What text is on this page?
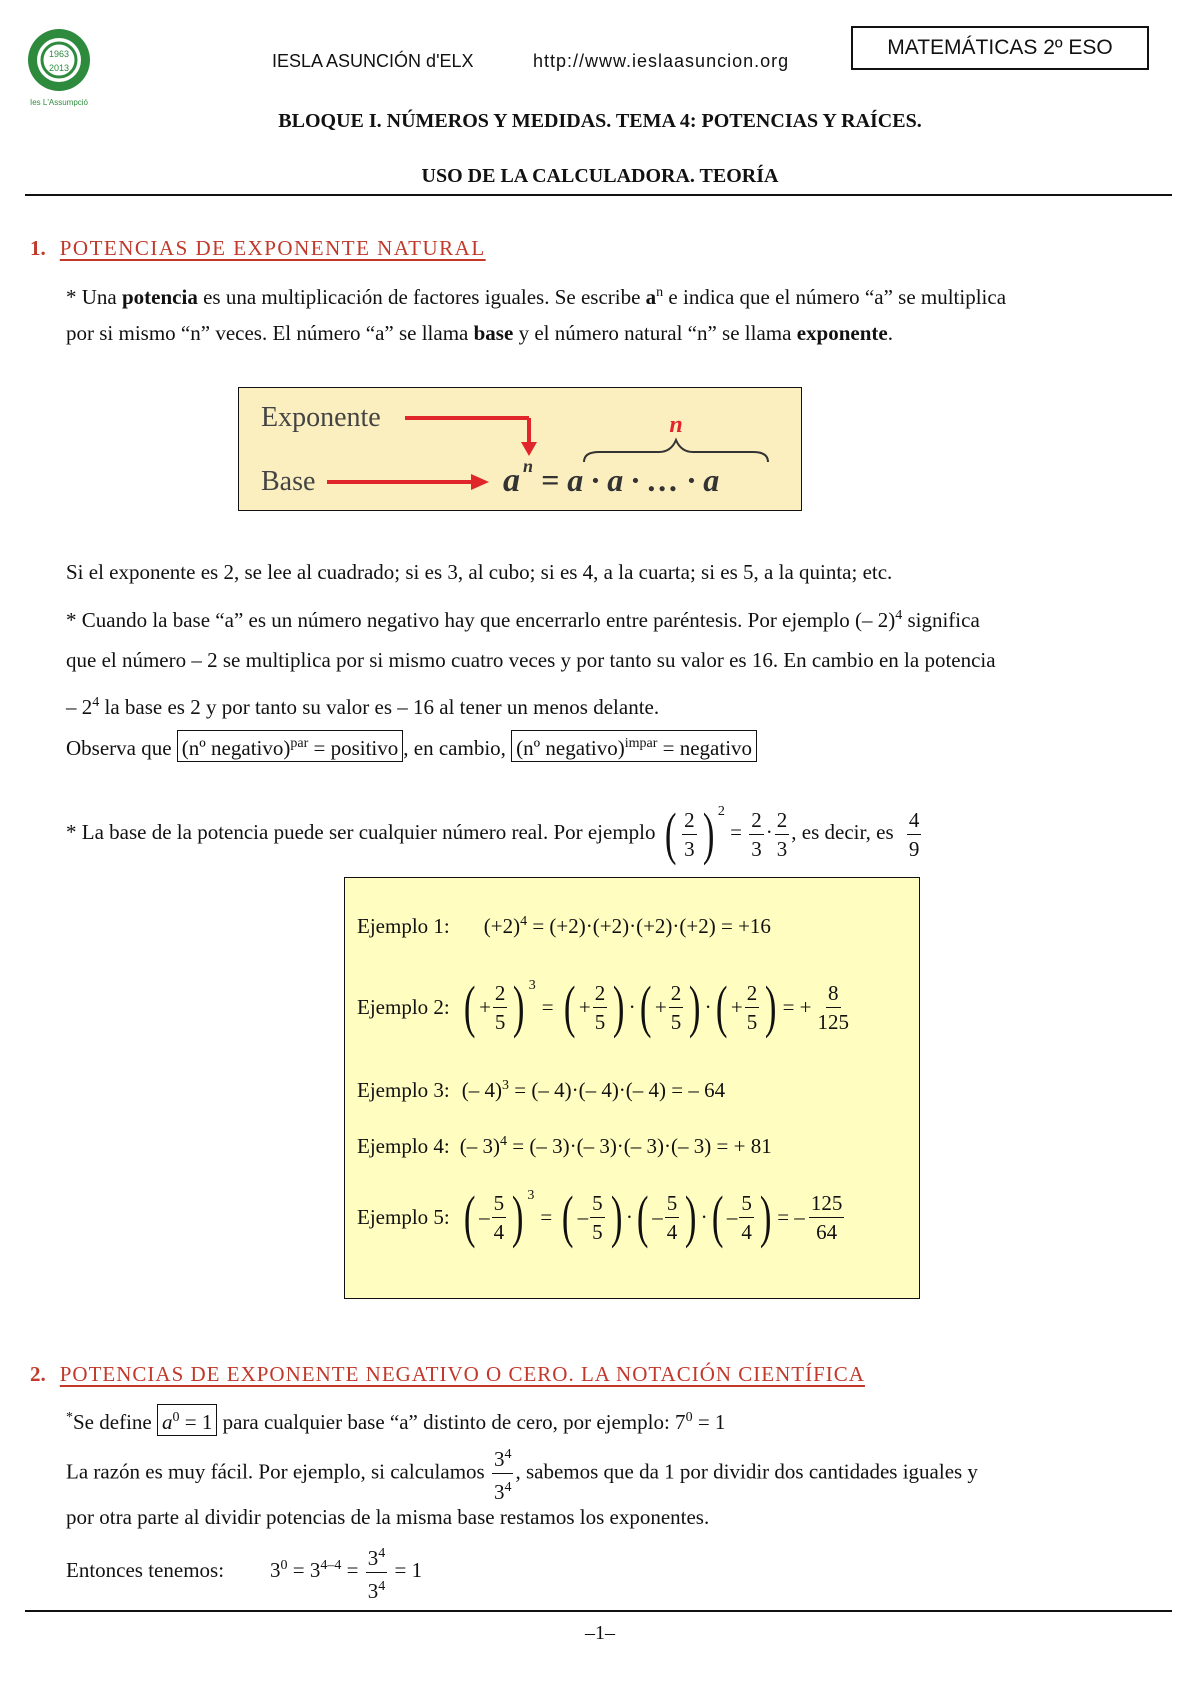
1963
2013
Ies L'Assumpció
IESLA ASUNCIÓN d'ELX	http://www.ieslaasuncion.org
MATEMÁTICAS 2º ESO
BLOQUE I. NÚMEROS Y MEDIDAS. TEMA 4: POTENCIAS Y RAÍCES.
USO DE LA CALCULADORA. TEORÍA
1. POTENCIAS DE EXPONENTE NATURAL
* Una potencia es una multiplicación de factores iguales. Se escribe $a^n$ e indica que el número “a” se multiplica
por si mismo “n” veces. El número “a” se llama base y el número natural “n” se llama exponente.
Exponente
Base	a n = a · a · … · a
n
Si el exponente es 2, se lee al cuadrado; si es 3, al cubo; si es 4, a la cuarta; si es 5, a la quinta; etc.
* Cuando la base “a” es un número negativo hay que encerrarlo entre paréntesis. Por ejemplo (– 2)$^4$ significa
que el número – 2 se multiplica por si mismo cuatro veces y por tanto su valor es 16. En cambio en la potencia
– $2^4$ la base es 2 y por tanto su valor es – 16 al tener un menos delante.
Observa que (nº negativo)$^{par}$ = positivo , en cambio, (nº negativo)$^{impar}$ = negativo
* La base de la potencia puede ser cualquier número real. Por ejemplo ( $\frac{2}{3}$ ) $^2 = \frac{2}{3} \cdot \frac{2}{3}$ , es decir, es $\frac{4}{9}$
Ejemplo 1: $(+2)^4 = (+2)\cdot(+2)\cdot(+2)\cdot(+2) = +16$
Ejemplo 2: ( + $\frac{2}{5}$ ) 3
= ( + $\frac{2}{5}$ ) · ( + $\frac{2}{5}$ ) · ( + $\frac{2}{5}$ ) = + $\frac{8}{125}$
Ejemplo 3: (– 4)$^3$ = (– 4)·(– 4)·(– 4) = – 64
Ejemplo 4: (– 3)$^4$ = (– 3)·(– 3)·(– 3)·(– 3) = + 81
Ejemplo 5: ( – $\frac{5}{4}$ ) 3
= ( – $\frac{5}{5}$ ) · ( – $\frac{5}{4}$ ) · ( – $\frac{5}{4}$ ) = – $\frac{125}{64}$
2. POTENCIAS DE EXPONENTE NEGATIVO O CERO. LA NOTACIÓN CIENTÍFICA
*Se define $a^0 = 1$ para cualquier base “a” distinto de cero, por ejemplo: $7^0 = 1$
La razón es muy fácil. Por ejemplo, si calculamos $\frac{3^4}{3^4}$ , sabemos que da 1 por dividir dos cantidades iguales y
por otra parte al dividir potencias de la misma base restamos los exponentes.
Entonces tenemos: $3^0 = 3^{4-4} = \frac{3^4}{3^4} = 1$
–1–
